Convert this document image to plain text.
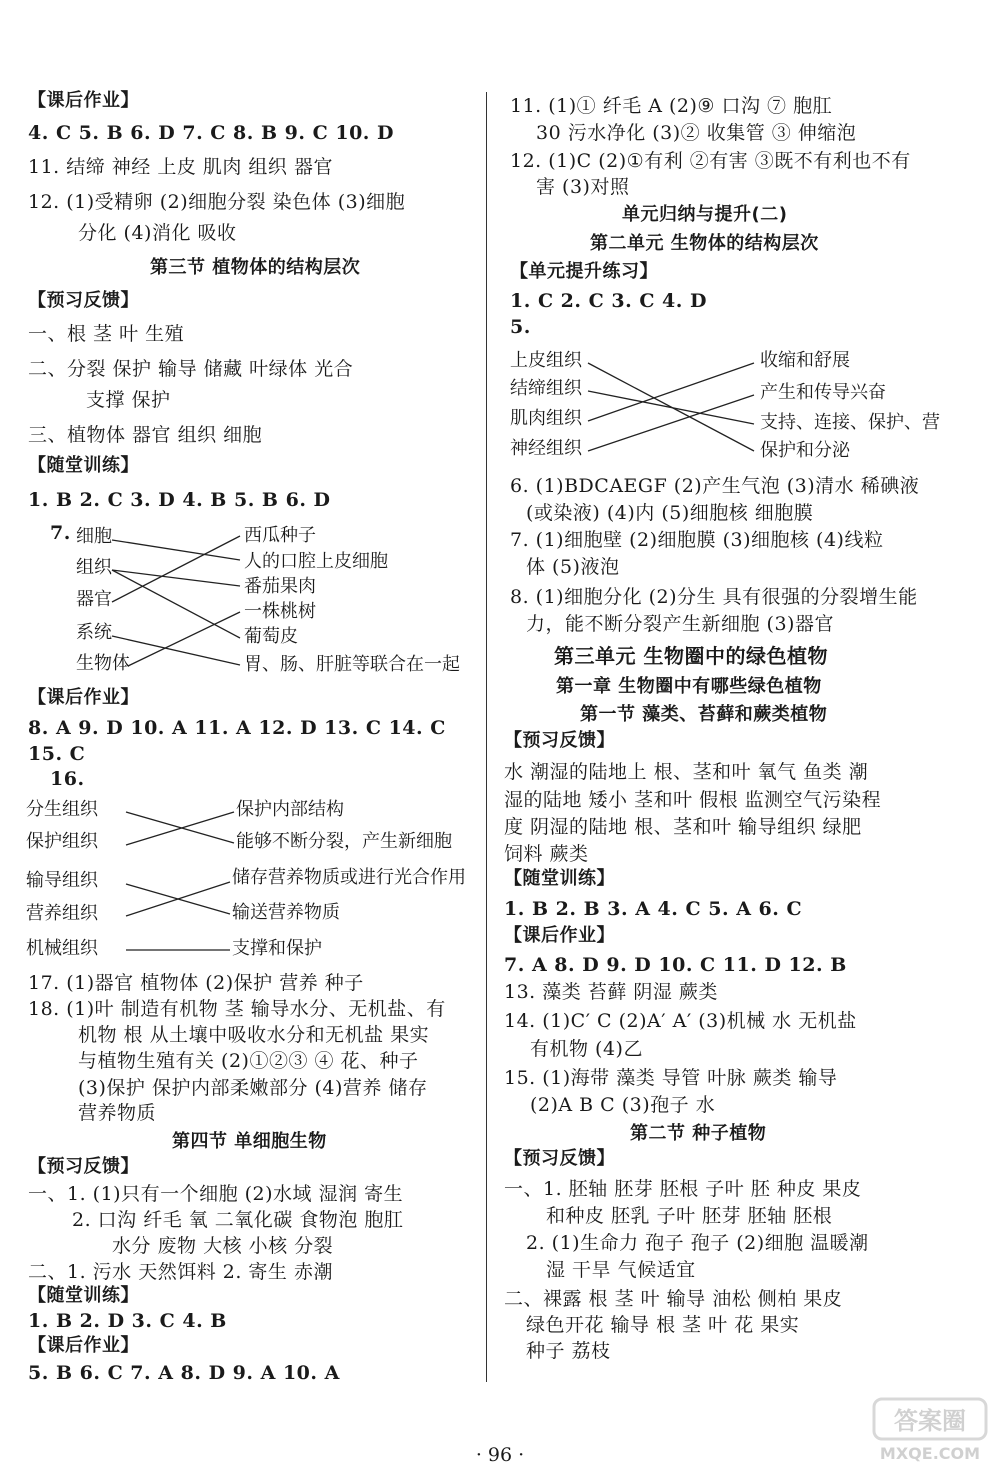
细胞
组织
器官
系统
生物体
西瓜种子
人的口腔上皮细胞
番茄果肉
一株桃树
葡萄皮
胃、肠、肝脏等联合在一起
分生组织
保护组织
输导组织
营养组织
机械组织
保护内部结构
能够不断分裂，产生新细胞
储存营养物质或进行光合作用
输送营养物质
支撑和保护
【课后作业】
4. C 5. B 6. D 7. C 8. B 9. C 10. D
11. 结缔 神经 上皮 肌肉 组织 器官
12. (1)受精卵 (2)细胞分裂 染色体 (3)细胞
分化 (4)消化 吸收
第三节 植物体的结构层次
【预习反馈】
一、根 茎 叶 生殖
二、分裂 保护 输导 储藏 叶绿体 光合
支撑 保护
三、植物体 器官 组织 细胞
【随堂训练】
1. B 2. C 3. D 4. B 5. B 6. D
7.
【课后作业】
8. A 9. D 10. A 11. A 12. D 13. C 14. C
15. C
16.
17. (1)器官 植物体 (2)保护 营养 种子
18. (1)叶 制造有机物 茎 输导水分、无机盐、有
机物 根 从土壤中吸收水分和无机盐 果实
与植物生殖有关 (2)①②③ ④ 花、种子
(3)保护 保护内部柔嫩部分 (4)营养 储存
营养物质
第四节 单细胞生物
【预习反馈】
一、1. (1)只有一个细胞 (2)水域 湿润 寄生
2. 口沟 纤毛 氧 二氧化碳 食物泡 胞肛
水分 废物 大核 小核 分裂
二、1. 污水 天然饵料 2. 寄生 赤潮
【随堂训练】
1. B 2. D 3. C 4. B
【课后作业】
5. B 6. C 7. A 8. D 9. A 10. A
上皮组织
结缔组织
肌肉组织
神经组织
收缩和舒展
产生和传导兴奋
支持、连接、保护、营
保护和分泌
11. (1)① 纤毛 A (2)⑨ 口沟 ⑦ 胞肛
30 污水净化 (3)② 收集管 ③ 伸缩泡
12. (1)C (2)①有利 ②有害 ③既不有利也不有
害 (3)对照
单元归纳与提升(二)
第二单元 生物体的结构层次
【单元提升练习】
1. C 2. C 3. C 4. D
5.
6. (1)BDCAEGF (2)产生气泡 (3)清水 稀碘液
(或染液) (4)内 (5)细胞核 细胞膜
7. (1)细胞壁 (2)细胞膜 (3)细胞核 (4)线粒
体 (5)液泡
8. (1)细胞分化 (2)分生 具有很强的分裂增生能
力，能不断分裂产生新细胞 (3)器官
第三单元 生物圈中的绿色植物
第一章 生物圈中有哪些绿色植物
第一节 藻类、苔藓和蕨类植物
【预习反馈】
水 潮湿的陆地上 根、茎和叶 氧气 鱼类 潮
湿的陆地 矮小 茎和叶 假根 监测空气污染程
度 阴湿的陆地 根、茎和叶 输导组织 绿肥
饲料 蕨类
【随堂训练】
1. B 2. B 3. A 4. C 5. A 6. C
【课后作业】
7. A 8. D 9. D 10. C 11. D 12. B
13. 藻类 苔藓 阴湿 蕨类
14. (1)C′ C (2)A′ A′ (3)机械 水 无机盐
有机物 (4)乙
15. (1)海带 藻类 导管 叶脉 蕨类 输导
(2)A B C (3)孢子 水
第二节 种子植物
【预习反馈】
一、1. 胚轴 胚芽 胚根 子叶 胚 种皮 果皮
和种皮 胚乳 子叶 胚芽 胚轴 胚根
2. (1)生命力 孢子 孢子 (2)细胞 温暖潮
湿 干旱 气候适宜
二、裸露 根 茎 叶 输导 油松 侧柏 果皮
绿色开花 输导 根 茎 叶 花 果实
种子 荔枝
· 96 ·
答案圈
MXQE.COM
